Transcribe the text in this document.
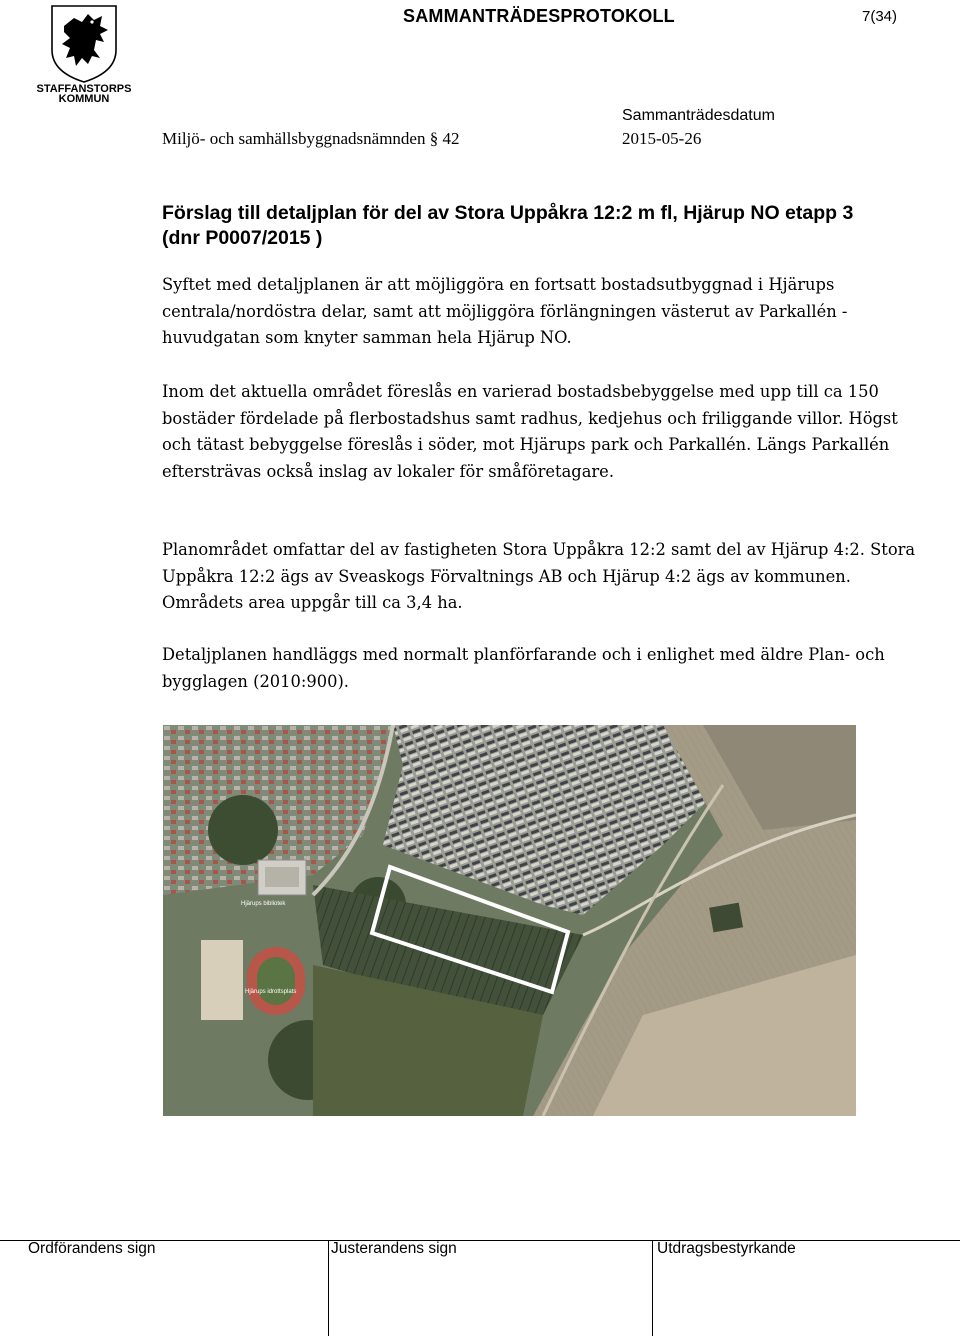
STAFFANSTORPS
KOMMUN
SAMMANTRÄDESPROTOKOLL	7(34)
Sammanträdesdatum
Miljö- och samhällsbyggnadsnämnden § 42	2015-05-26
Förslag till detaljplan för del av Stora Uppåkra 12:2 m fl, Hjärup NO etapp 3 (dnr P0007/2015 )

Syftet med detaljplanen är att möjliggöra en fortsatt bostadsutbyggnad i Hjärups centrala/nordöstra delar, samt att möjliggöra förlängningen västerut av Parkallén - huvudgatan som knyter samman hela Hjärup NO.

Inom det aktuella området föreslås en varierad bostadsbebyggelse med upp till ca 150 bostäder fördelade på flerbostadshus samt radhus, kedjehus och friliggande villor. Högst och tätast bebyggelse föreslås i söder, mot Hjärups park och Parkallén. Längs Parkallén eftersträvas också inslag av lokaler för småföretagare.

Planområdet omfattar del av fastigheten Stora Uppåkra 12:2 samt del av Hjärup 4:2. Stora Uppåkra 12:2 ägs av Sveaskogs Förvaltnings AB och Hjärup 4:2 ägs av kommunen. Områdets area uppgår till ca 3,4 ha.

Detaljplanen handläggs med normalt planförfarande och i enlighet med äldre Plan- och bygglagen (2010:900).

Hjärups bibliotek
Hjärups idrottsplats
Ordförandens sign	Justerandens sign	Utdragsbestyrkande
